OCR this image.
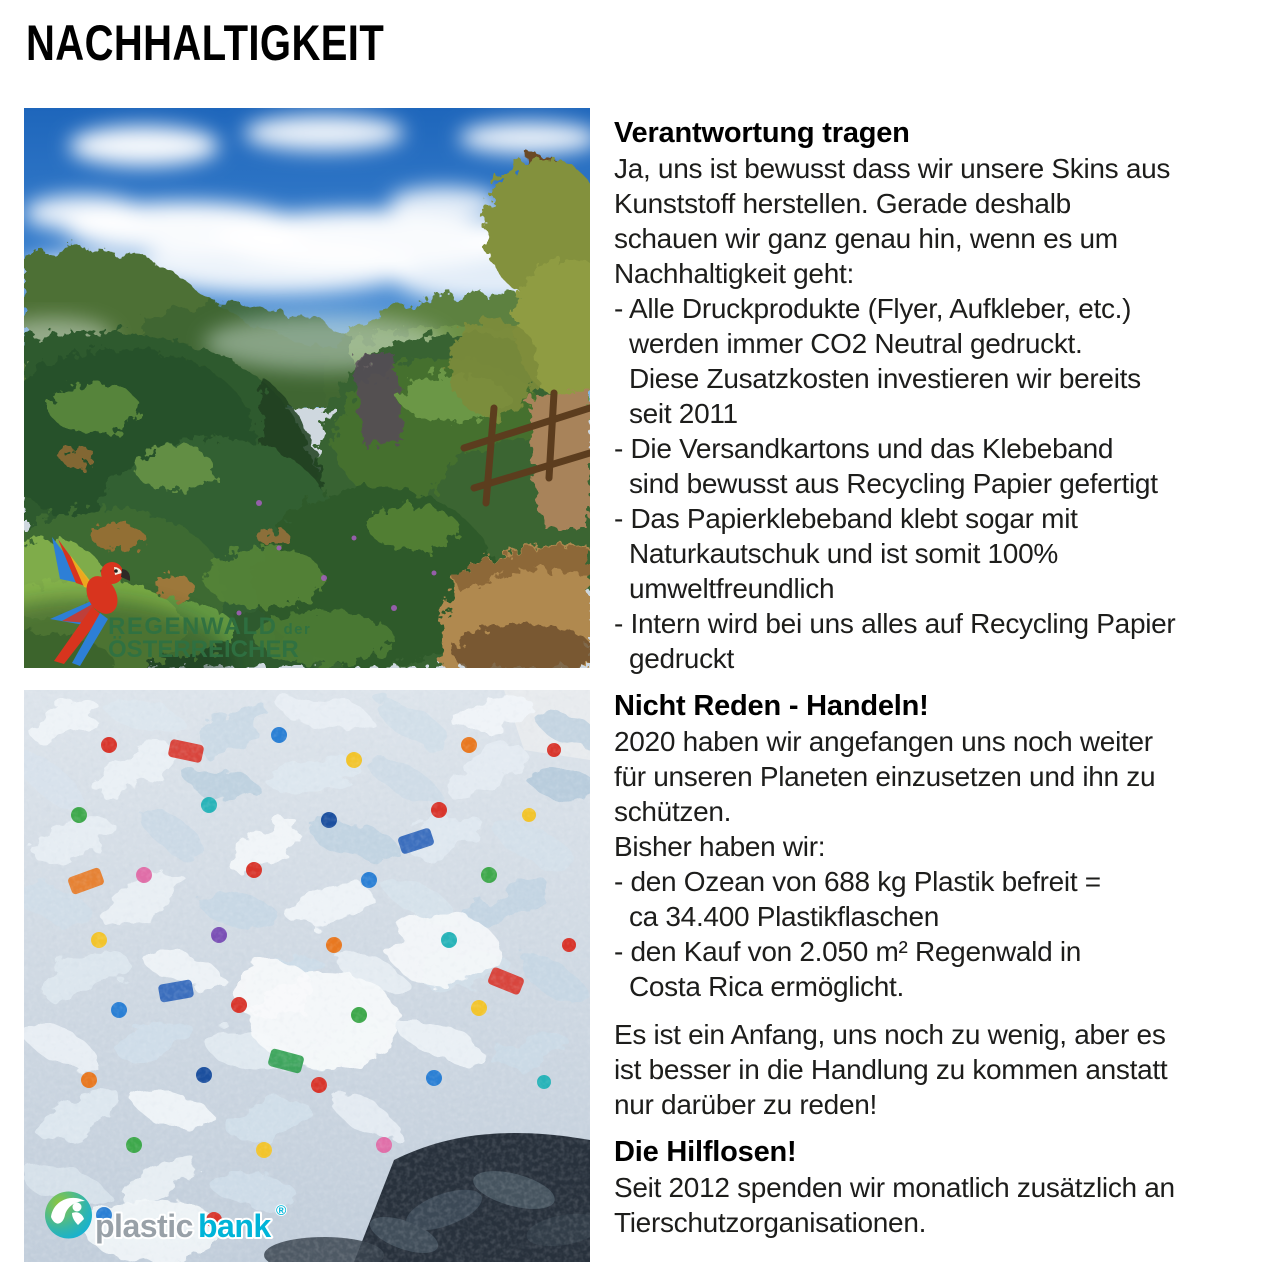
NACHHALTIGKEIT
REGENWALD der
ÖSTERREICHER
plastic bank ®
Verantwortung tragen
Ja, uns ist bewusst dass wir unsere Skins aus
Kunststoff herstellen. Gerade deshalb
schauen wir ganz genau hin, wenn es um
Nachhaltigkeit geht:
- Alle Druckprodukte (Flyer, Aufkleber, etc.)
werden immer CO2 Neutral gedruckt.
Diese Zusatzkosten investieren wir bereits
seit 2011
- Die Versandkartons und das Klebeband
sind bewusst aus Recycling Papier gefertigt
- Das Papierklebeband klebt sogar mit
Naturkautschuk und ist somit 100%
umweltfreundlich
- Intern wird bei uns alles auf Recycling Papier
gedruckt
Nicht Reden - Handeln!
2020 haben wir angefangen uns noch weiter
für unseren Planeten einzusetzen und ihn zu
schützen.
Bisher haben wir:
- den Ozean von 688 kg Plastik befreit =
ca 34.400 Plastikflaschen
- den Kauf von 2.050 m² Regenwald in
Costa Rica ermöglicht.
Es ist ein Anfang, uns noch zu wenig, aber es
ist besser in die Handlung zu kommen anstatt
nur darüber zu reden!
Die Hilflosen!
Seit 2012 spenden wir monatlich zusätzlich an
Tierschutzorganisationen.
